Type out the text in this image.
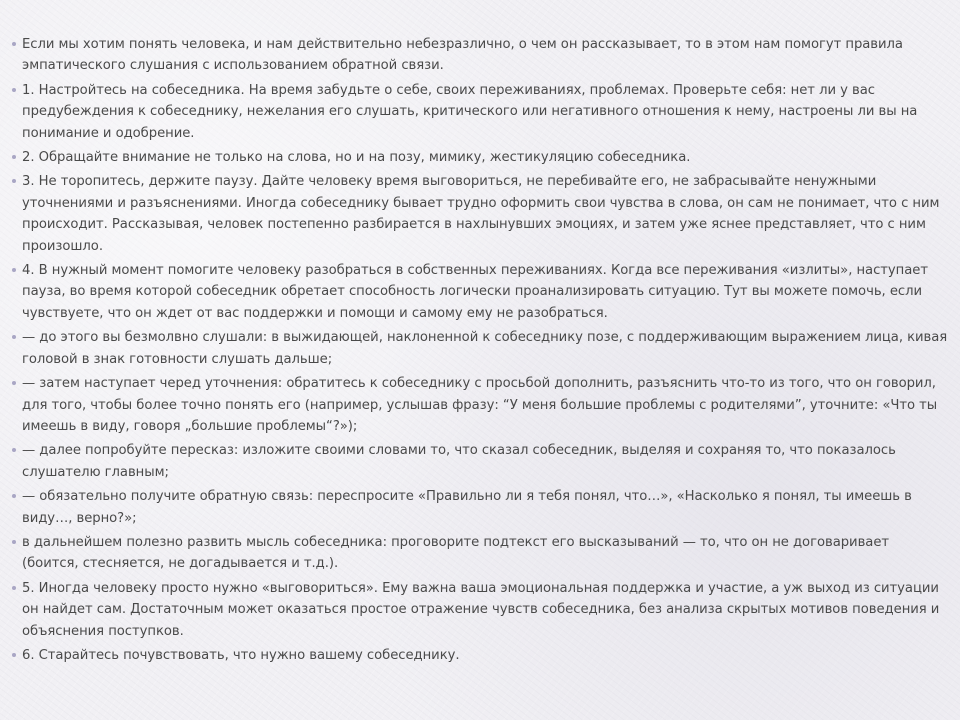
Если мы хотим понять человека, и нам действительно небезразлично, о чем он рассказывает, то в этом нам помогут правила эмпатического слушания с использованием обратной связи.

1. Настройтесь на собеседника. На время забудьте о себе, своих переживаниях, проблемах. Проверьте себя: нет ли у вас предубеждения к собеседнику, нежелания его слушать, критического или негативного отношения к нему, настроены ли вы на понимание и одобрение.

2. Обращайте внимание не только на слова, но и на позу, мимику, жестикуляцию собеседника.

3. Не торопитесь, держите паузу. Дайте человеку время выговориться, не перебивайте его, не забрасывайте ненужными уточнениями и разъяснениями. Иногда собеседнику бывает трудно оформить свои чувства в слова, он сам не понимает, что с ним происходит. Рассказывая, человек постепенно разбирается в нахлынувших эмоциях, и затем уже яснее представляет, что с ним произошло.

4. В нужный момент помогите человеку разобраться в собственных переживаниях. Когда все переживания «излиты», наступает пауза, во время которой собеседник обретает способность логически проанализировать ситуацию. Тут вы можете помочь, если чувствуете, что он ждет от вас поддержки и помощи и самому ему не разобраться.

— до этого вы безмолвно слушали: в выжидающей, наклоненной к собеседнику позе, с поддерживающим выражением лица, кивая головой в знак готовности слушать дальше;

— затем наступает черед уточнения: обратитесь к собеседнику с просьбой дополнить, разъяснить что-то из того, что он говорил, для того, чтобы более точно понять его (например, услышав фразу: “У меня большие проблемы с родителями”, уточните: «Что ты имеешь в виду, говоря „большие проблемы“?»);

— далее попробуйте пересказ: изложите своими словами то, что сказал собеседник, выделяя и сохраняя то, что показалось слушателю главным;

— обязательно получите обратную связь: переспросите «Правильно ли я тебя понял, что…», «Насколько я понял, ты имеешь в виду…, верно?»;

в дальнейшем полезно развить мысль собеседника: проговорите подтекст его высказываний — то, что он не договаривает (боится, стесняется, не догадывается и т.д.).

5. Иногда человеку просто нужно «выговориться». Ему важна ваша эмоциональная поддержка и участие, а уж выход из ситуации он найдет сам. Достаточным может оказаться простое отражение чувств собеседника, без анализа скрытых мотивов поведения и объяснения поступков.

6. Старайтесь почувствовать, что нужно вашему собеседнику.
